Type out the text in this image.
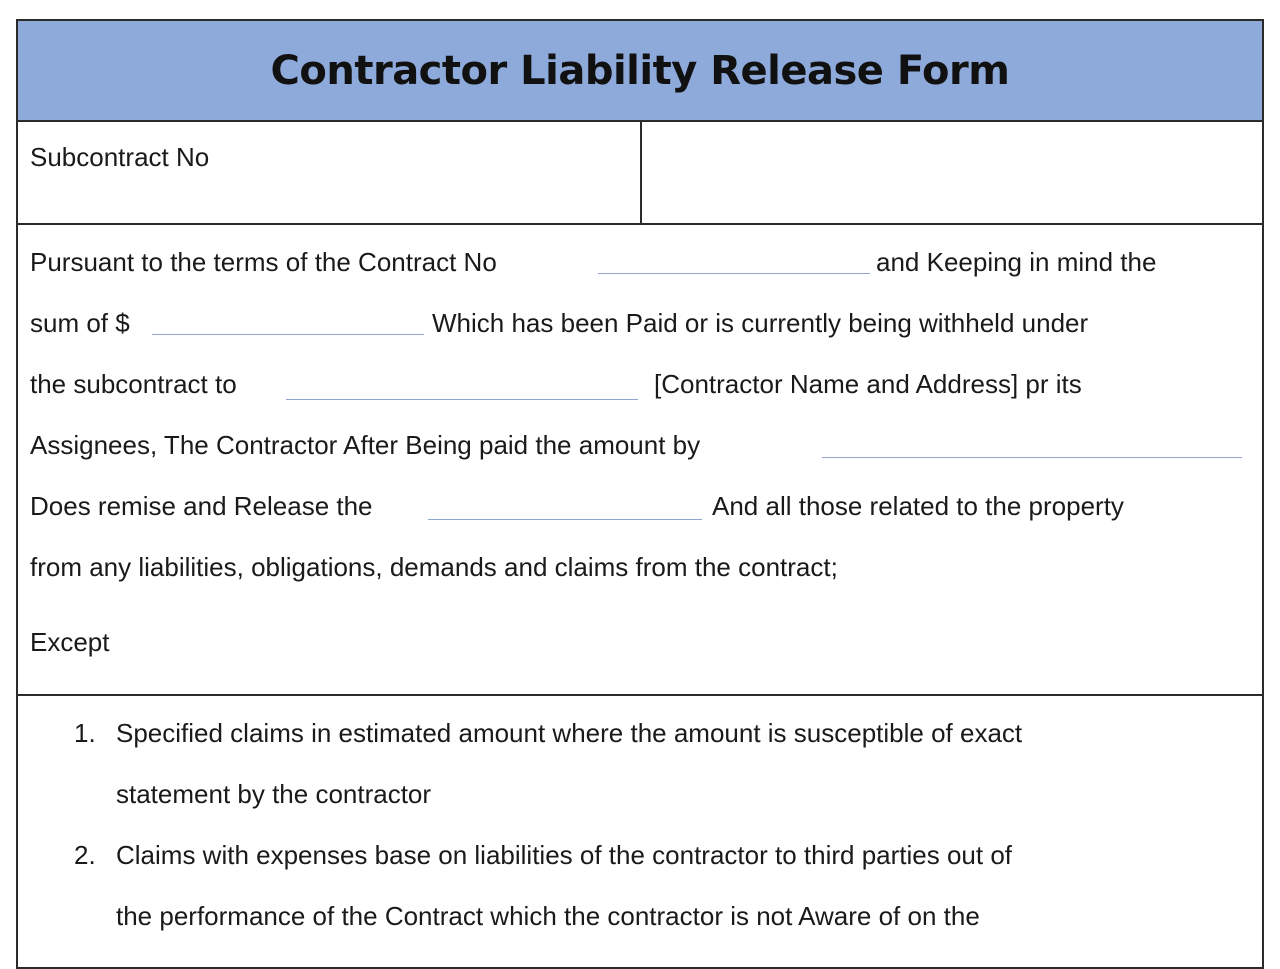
Contractor Liability Release Form
Subcontract No
Pursuant to the terms of the Contract No	and Keeping in mind the
sum of $	Which has been Paid or is currently being withheld under
the subcontract to	[Contractor Name and Address] pr its
Assignees, The Contractor After Being paid the amount by
Does remise and Release the	And all those related to the property
from any liabilities, obligations, demands and claims from the contract;
Except
1. Specified claims in estimated amount where the amount is susceptible of exact
statement by the contractor
2. Claims with expenses base on liabilities of the contractor to third parties out of
the performance of the Contract which the contractor is not Aware of on the
